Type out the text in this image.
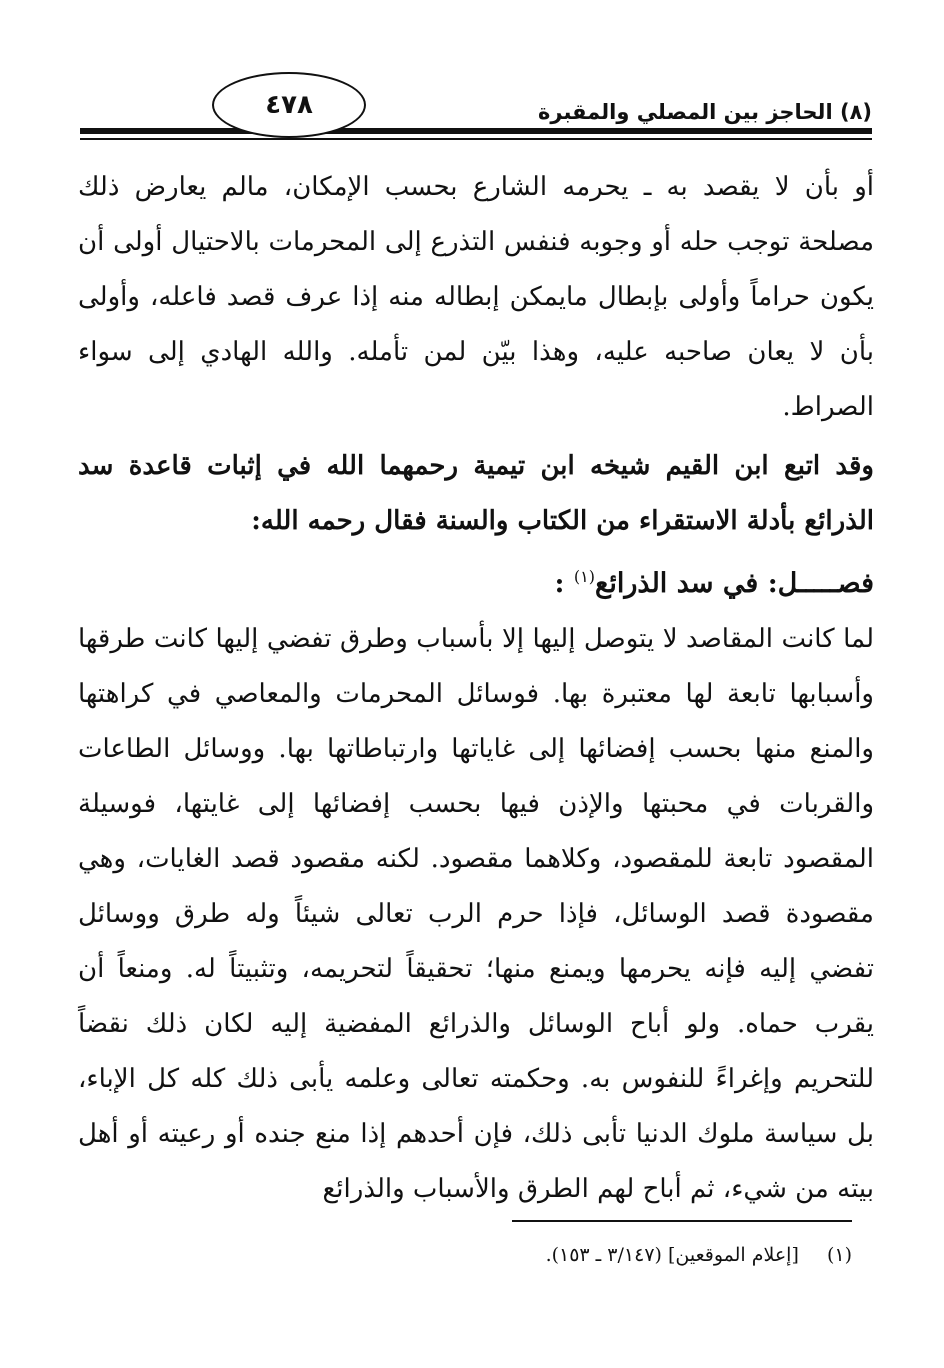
(٨) الحاجز بين المصلي والمقبرة
٤٧٨

أو بأن لا يقصد به ـ يحرمه الشارع بحسب الإمكان، مالم يعارض ذلك مصلحة توجب حله أو وجوبه فنفس التذرع إلى المحرمات بالاحتيال أولى أن يكون حراماً وأولى بإبطال مايمكن إبطاله منه إذا عرف قصد فاعله، وأولى بأن لا يعان صاحبه عليه، وهذا بيّن لمن تأمله. والله الهادي إلى سواء الصراط.

وقد اتبع ابن القيم شيخه ابن تيمية رحمهما الله في إثبات قاعدة سد الذرائع بأدلة الاستقراء من الكتاب والسنة فقال رحمه الله:

فصـــــل: في سد الذرائع$^{(١)}$ :

لما كانت المقاصد لا يتوصل إليها إلا بأسباب وطرق تفضي إليها كانت طرقها وأسبابها تابعة لها معتبرة بها. فوسائل المحرمات والمعاصي في كراهتها والمنع منها بحسب إفضائها إلى غاياتها وارتباطاتها بها. ووسائل الطاعات والقربات في محبتها والإذن فيها بحسب إفضائها إلى غايتها، فوسيلة المقصود تابعة للمقصود، وكلاهما مقصود. لكنه مقصود قصد الغايات، وهي مقصودة قصد الوسائل، فإذا حرم الرب تعالى شيئاً وله طرق ووسائل تفضي إليه فإنه يحرمها ويمنع منها؛ تحقيقاً لتحريمه، وتثبيتاً له. ومنعاً أن يقرب حماه. ولو أباح الوسائل والذرائع المفضية إليه لكان ذلك نقضاً للتحريم وإغراءً للنفوس به. وحكمته تعالى وعلمه يأبى ذلك كله كل الإباء، بل سياسة ملوك الدنيا تأبى ذلك، فإن أحدهم إذا منع جنده أو رعيته أو أهل بيته من شيء، ثم أباح لهم الطرق والأسباب والذرائع

(١) [إعلام الموقعين] (٣/١٤٧ ـ ١٥٣).
